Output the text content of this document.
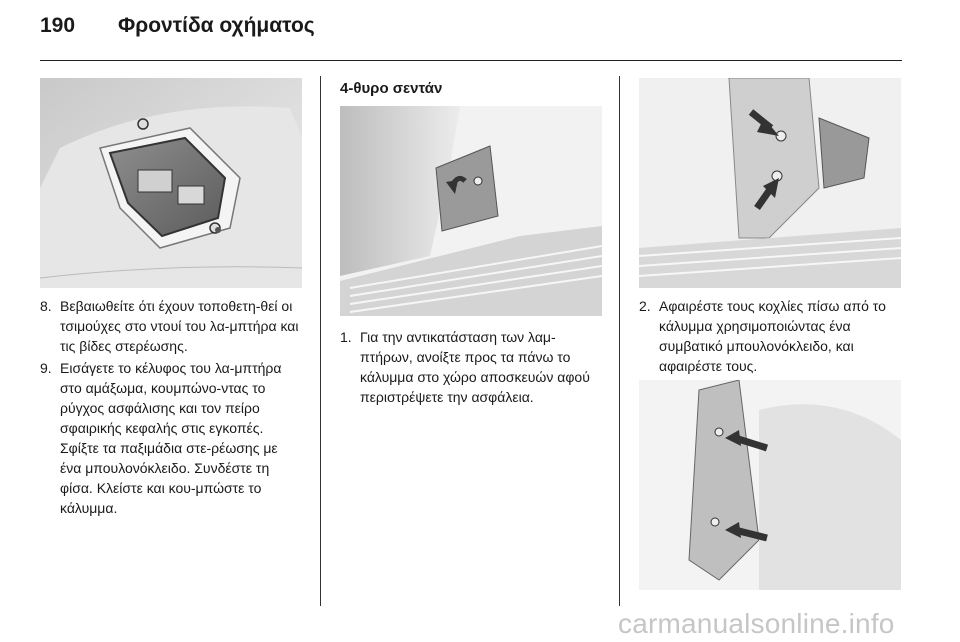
190 Φροντίδα οχήματος
4-θυρο σεντάν
8. Βεβαιωθείτε ότι έχουν τοποθετη-θεί οι τσιμούχες στο ντουί του λα-μπτήρα και τις βίδες στερέωσης.
9. Εισάγετε το κέλυφος του λα-μπτήρα στο αμάξωμα, κουμπώνο-ντας το ρύγχος ασφάλισης και τον πείρο σφαιρικής κεφαλής στις εγκοπές. Σφίξτε τα παξιμάδια στε-ρέωσης με ένα μπουλονόκλειδο. Συνδέστε τη φίσα. Κλείστε και κου-μπώστε το κάλυμμα.
1. Για την αντικατάσταση των λαμ-πτήρων, ανοίξτε προς τα πάνω το κάλυμμα στο χώρο αποσκευών αφού περιστρέψετε την ασφάλεια.
2. Αφαιρέστε τους κοχλίες πίσω από το κάλυμμα χρησιμοποιώντας ένα συμβατικό μπουλονόκλειδο, και αφαιρέστε τους.
carmanualsonline.info
